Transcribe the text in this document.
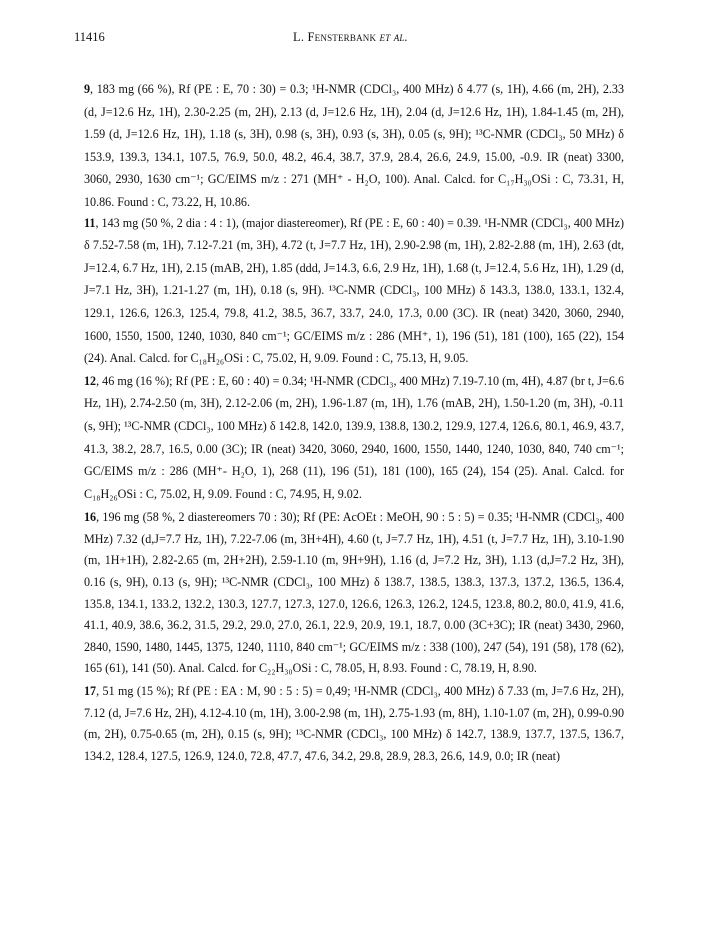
11416	L. Fensterbank et al.
9, 183 mg (66 %), Rf (PE : E, 70 : 30) = 0.3; ¹H-NMR (CDCl₃, 400 MHz) δ 4.77 (s, 1H), 4.66 (m, 2H), 2.33 (d, J=12.6 Hz, 1H), 2.30-2.25 (m, 2H), 2.13 (d, J=12.6 Hz, 1H), 2.04 (d, J=12.6 Hz, 1H), 1.84-1.45 (m, 2H), 1.59 (d, J=12.6 Hz, 1H), 1.18 (s, 3H), 0.98 (s, 3H), 0.93 (s, 3H), 0.05 (s, 9H); ¹³C-NMR (CDCl₃, 50 MHz) δ 153.9, 139.3, 134.1, 107.5, 76.9, 50.0, 48.2, 46.4, 38.7, 37.9, 28.4, 26.6, 24.9, 15.00, -0.9. IR (neat) 3300, 3060, 2930, 1630 cm⁻¹; GC/EIMS m/z : 271 (MH⁺ - H₂O, 100). Anal. Calcd. for C₁₇H₃₀OSi : C, 73.31, H, 10.86. Found : C, 73.22, H, 10.86.
11, 143 mg (50 %, 2 dia : 4 : 1), (major diastereomer), Rf (PE : E, 60 : 40) = 0.39. ¹H-NMR (CDCl₃, 400 MHz) δ 7.52-7.58 (m, 1H), 7.12-7.21 (m, 3H), 4.72 (t, J=7.7 Hz, 1H), 2.90-2.98 (m, 1H), 2.82-2.88 (m, 1H), 2.63 (dt, J=12.4, 6.7 Hz, 1H), 2.15 (mAB, 2H), 1.85 (ddd, J=14.3, 6.6, 2.9 Hz, 1H), 1.68 (t, J=12.4, 5.6 Hz, 1H), 1.29 (d, J=7.1 Hz, 3H), 1.21-1.27 (m, 1H), 0.18 (s, 9H). ¹³C-NMR (CDCl₃, 100 MHz) δ 143.3, 138.0, 133.1, 132.4, 129.1, 126.6, 126.3, 125.4, 79.8, 41.2, 38.5, 36.7, 33.7, 24.0, 17.3, 0.00 (3C). IR (neat) 3420, 3060, 2940, 1600, 1550, 1500, 1240, 1030, 840 cm⁻¹; GC/EIMS m/z : 286 (MH⁺, 1), 196 (51), 181 (100), 165 (22), 154 (24). Anal. Calcd. for C₁₈H₂₆OSi : C, 75.02, H, 9.09. Found : C, 75.13, H, 9.05.
12, 46 mg (16 %); Rf (PE : E, 60 : 40) = 0.34; ¹H-NMR (CDCl₃, 400 MHz) 7.19-7.10 (m, 4H), 4.87 (br t, J=6.6 Hz, 1H), 2.74-2.50 (m, 3H), 2.12-2.06 (m, 2H), 1.96-1.87 (m, 1H), 1.76 (mAB, 2H), 1.50-1.20 (m, 3H), -0.11 (s, 9H); ¹³C-NMR (CDCl₃, 100 MHz) δ 142.8, 142.0, 139.9, 138.8, 130.2, 129.9, 127.4, 126.6, 80.1, 46.9, 43.7, 41.3, 38.2, 28.7, 16.5, 0.00 (3C); IR (neat) 3420, 3060, 2940, 1600, 1550, 1440, 1240, 1030, 840, 740 cm⁻¹; GC/EIMS m/z : 286 (MH⁺- H₂O, 1), 268 (11), 196 (51), 181 (100), 165 (24), 154 (25). Anal. Calcd. for C₁₈H₂₆OSi : C, 75.02, H, 9.09. Found : C, 74.95, H, 9.02.
16, 196 mg (58 %, 2 diastereomers 70 : 30); Rf (PE: AcOEt : MeOH, 90 : 5 : 5) = 0.35; ¹H-NMR (CDCl₃, 400 MHz) 7.32 (d,J=7.7 Hz, 1H), 7.22-7.06 (m, 3H+4H), 4.60 (t, J=7.7 Hz, 1H), 4.51 (t, J=7.7 Hz, 1H), 3.10-1.90 (m, 1H+1H), 2.82-2.65 (m, 2H+2H), 2.59-1.10 (m, 9H+9H), 1.16 (d, J=7.2 Hz, 3H), 1.13 (d,J=7.2 Hz, 3H), 0.16 (s, 9H), 0.13 (s, 9H); ¹³C-NMR (CDCl₃, 100 MHz) δ 138.7, 138.5, 138.3, 137.3, 137.2, 136.5, 136.4, 135.8, 134.1, 133.2, 132.2, 130.3, 127.7, 127.3, 127.0, 126.6, 126.3, 126.2, 124.5, 123.8, 80.2, 80.0, 41.9, 41.6, 41.1, 40.9, 38.6, 36.2, 31.5, 29.2, 29.0, 27.0, 26.1, 22.9, 20.9, 19.1, 18.7, 0.00 (3C+3C); IR (neat) 3430, 2960, 2840, 1590, 1480, 1445, 1375, 1240, 1110, 840 cm⁻¹; GC/EIMS m/z : 338 (100), 247 (54), 191 (58), 178 (62), 165 (61), 141 (50). Anal. Calcd. for C₂₂H₃₀OSi : C, 78.05, H, 8.93. Found : C, 78.19, H, 8.90.
17, 51 mg (15 %); Rf (PE : EA : M, 90 : 5 : 5) = 0,49; ¹H-NMR (CDCl₃, 400 MHz) δ 7.33 (m, J=7.6 Hz, 2H), 7.12 (d, J=7.6 Hz, 2H), 4.12-4.10 (m, 1H), 3.00-2.98 (m, 1H), 2.75-1.93 (m, 8H), 1.10-1.07 (m, 2H), 0.99-0.90 (m, 2H), 0.75-0.65 (m, 2H), 0.15 (s, 9H); ¹³C-NMR (CDCl₃, 100 MHz) δ 142.7, 138.9, 137.7, 137.5, 136.7, 134.2, 128.4, 127.5, 126.9, 124.0, 72.8, 47.7, 47.6, 34.2, 29.8, 28.9, 28.3, 26.6, 14.9, 0.0; IR (neat)
